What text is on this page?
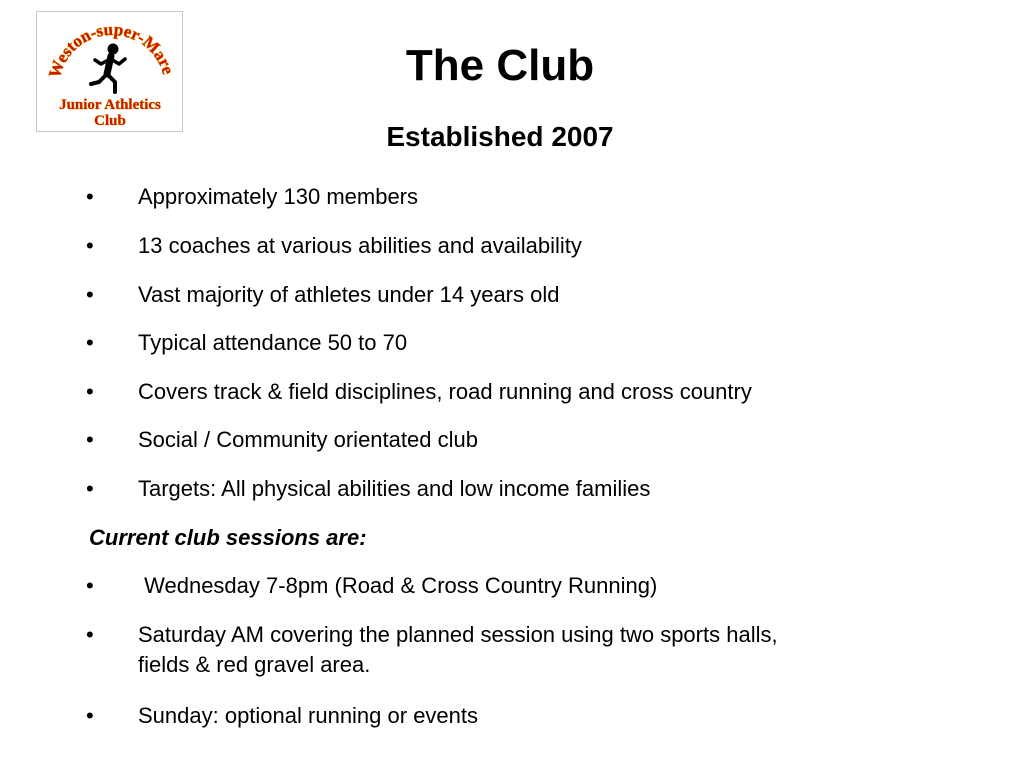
Weston-super-Mare
Junior Athletics
Club
The Club
Established 2007
• Approximately 130 members
• 13 coaches at various abilities and availability
• Vast majority of athletes under 14 years old
• Typical attendance 50 to 70
• Covers track & field disciplines, road running and cross country
• Social / Community orientated club
• Targets: All physical abilities and low income families
Current club sessions are:
• Wednesday 7-8pm (Road & Cross Country Running)
• Saturday AM covering the planned session using two sports halls,
fields & red gravel area.
• Sunday: optional running or events
